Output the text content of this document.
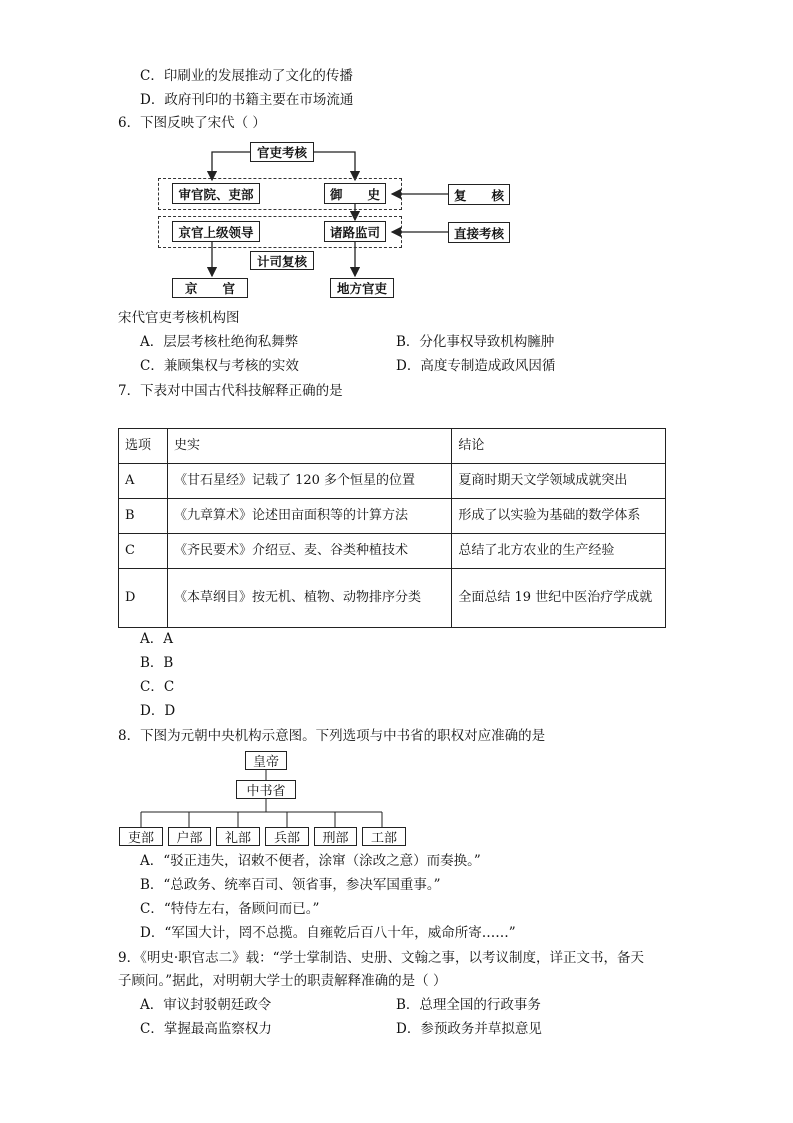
C．印刷业的发展推动了文化的传播
D．政府刊印的书籍主要在市场流通
6．下图反映了宋代（ ）
官吏考核
审官院、吏部	御　　史	复　　核
京官上级领导	诸路监司	直接考核
计司复核
京　　官	地方官吏
宋代官吏考核机构图
A．层层考核杜绝徇私舞弊	B．分化事权导致机构臃肿
C．兼顾集权与考核的实效	D．高度专制造成政风因循
7．下表对中国古代科技解释正确的是
选项	史实	结论
A	《甘石星经》记载了 120 多个恒星的位置	夏商时期天文学领域成就突出
B	《九章算术》论述田亩面积等的计算方法	形成了以实验为基础的数学体系
C	《齐民要术》介绍豆、麦、谷类种植技术	总结了北方农业的生产经验
D	《本草纲目》按无机、植物、动物排序分类	全面总结 19 世纪中医治疗学成就
A．A
B．B
C．C
D．D
8．下图为元朝中央机构示意图。下列选项与中书省的职权对应准确的是
皇帝
中书省
吏部	户部	礼部	兵部	刑部	工部
A．“驳正违失，诏敕不便者，涂窜（涂改之意）而奏换。”
B．“总政务、统率百司、领省事，参决军国重事。”
C．“特侍左右，备顾问而已。”
D．“军国大计，罔不总揽。自雍乾后百八十年，威命所寄……”
9．《明史·职官志二》载：“学士掌制诰、史册、文翰之事，以考议制度，详正文书，备天
子顾问。”据此，对明朝大学士的职责解释准确的是（ ）
A．审议封驳朝廷政令	B．总理全国的行政事务
C．掌握最高监察权力	D．参预政务并草拟意见
